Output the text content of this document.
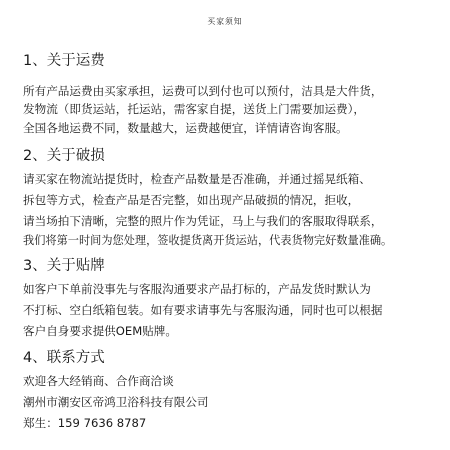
买家须知
1、关于运费
所有产品运费由买家承担，运费可以到付也可以预付，洁具是大件货，
发物流（即货运站，托运站，需客家自提，送货上门需要加运费），
全国各地运费不同，数量越大，运费越便宜，详情请咨询客服。
2、关于破损
请买家在物流站提货时，检查产品数量是否准确，并通过摇晃纸箱、
拆包等方式，检查产品是否完整，如出现产品破损的情况，拒收，
请当场拍下清晰，完整的照片作为凭证，马上与我们的客服取得联系，
我们将第一时间为您处理，签收提货离开货运站，代表货物完好数量准确。
3、关于贴牌
如客户下单前没事先与客服沟通要求产品打标的，产品发货时默认为
不打标、空白纸箱包装。如有要求请事先与客服沟通，同时也可以根据
客户自身要求提供OEM贴牌。
4、联系方式
欢迎各大经销商、合作商洽谈
潮州市潮安区帝鸿卫浴科技有限公司
郑生：159 7636 8787
